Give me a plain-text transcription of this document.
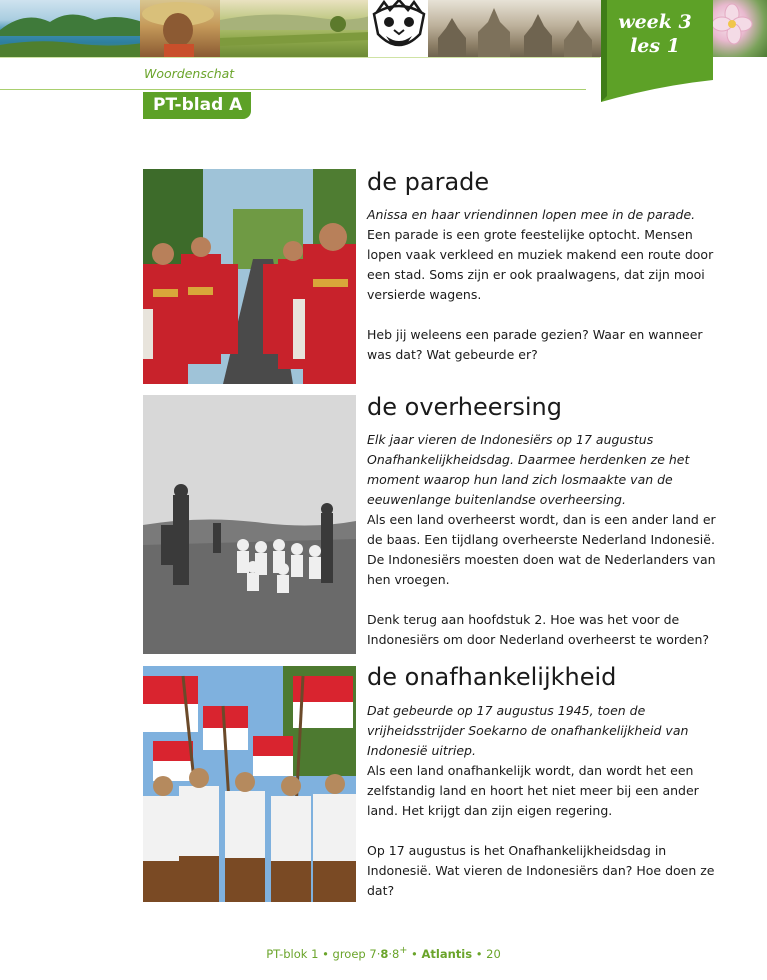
week 3
les 1
Woordenschat
PT-blad A
de parade

Anissa en haar vriendinnen lopen mee in de parade.

Een parade is een grote feestelijke optocht. Mensen lopen vaak verkleed en muziek makend een route door een stad. Soms zijn er ook praalwagens, dat zijn mooi versierde wagens.

Heb jij weleens een parade gezien? Waar en wanneer was dat? Wat gebeurde er?

de overheersing

Elk jaar vieren de Indonesiërs op 17 augustus Onafhankelijkheidsdag. Daarmee herdenken ze het moment waarop hun land zich losmaakte van de eeuwenlange buitenlandse overheersing.

Als een land overheerst wordt, dan is een ander land er de baas. Een tijdlang overheerste Nederland Indonesië. De Indonesiërs moesten doen wat de Nederlanders van hen vroegen.

Denk terug aan hoofdstuk 2. Hoe was het voor de Indonesiërs om door Nederland overheerst te worden?

de onafhankelijkheid

Dat gebeurde op 17 augustus 1945, toen de vrijheidsstrijder Soekarno de onafhankelijkheid van Indonesië uitriep.

Als een land onafhankelijk wordt, dan wordt het een zelfstandig land en hoort het niet meer bij een ander land. Het krijgt dan zijn eigen regering.

Op 17 augustus is het Onafhankelijkheidsdag in Indonesië. Wat vieren de Indonesiërs dan? Hoe doen ze dat?

PT-blok 1 • groep 7·8·8+ • Atlantis • 20
